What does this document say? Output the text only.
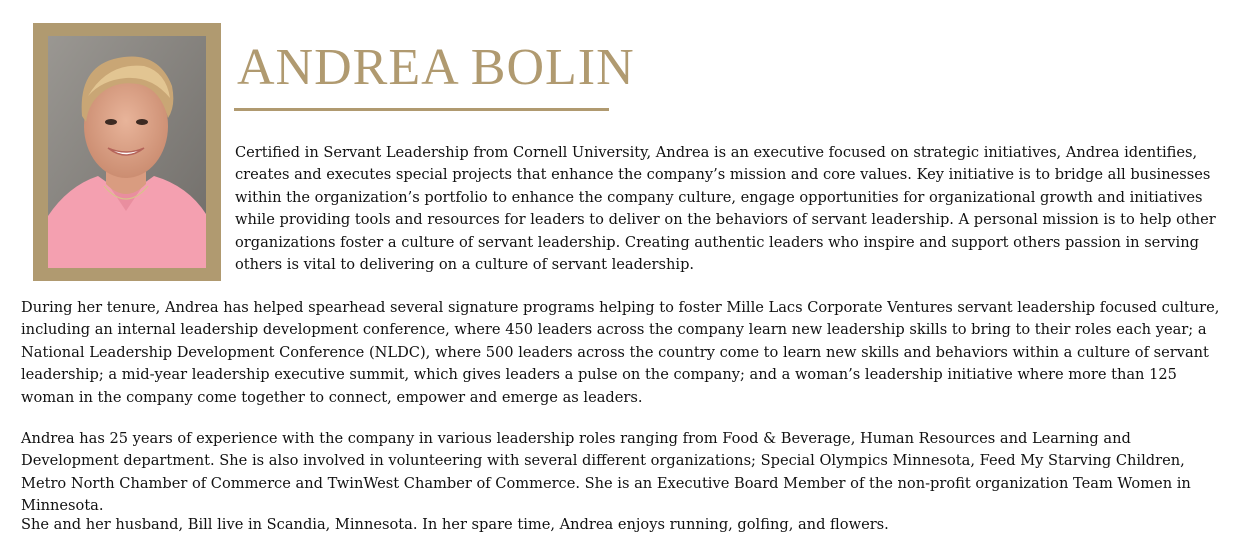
ANDREA BOLIN

Certified in Servant Leadership from Cornell University, Andrea is an executive focused on strategic initiatives, Andrea identifies, creates and executes special projects that enhance the company’s mission and core values. Key initiative is to bridge all businesses within the organization’s portfolio to enhance the company culture, engage opportunities for organizational growth and initiatives while providing tools and resources for leaders to deliver on the behaviors of servant leadership. A personal mission is to help other organizations foster a culture of servant leadership. Creating authentic leaders who inspire and support others passion in serving others is vital to delivering on a culture of servant leadership.

During her tenure, Andrea has helped spearhead several signature programs helping to foster Mille Lacs Corporate Ventures servant leadership focused culture, including an internal leadership development conference, where 450 leaders across the company learn new leadership skills to bring to their roles each year; a National Leadership Development Conference (NLDC), where 500 leaders across the country come to learn new skills and behaviors within a culture of servant leadership; a mid-year leadership executive summit, which gives leaders a pulse on the company; and a woman’s leadership initiative where more than 125 woman in the company come together to connect, empower and emerge as leaders.

Andrea has 25 years of experience with the company in various leadership roles ranging from Food & Beverage, Human Resources and Learning and Development department. She is also involved in volunteering with several different organizations; Special Olympics Minnesota, Feed My Starving Children, Metro North Chamber of Commerce and TwinWest Chamber of Commerce. She is an Executive Board Member of the non-profit organization Team Women in Minnesota.

She and her husband, Bill live in Scandia, Minnesota. In her spare time, Andrea enjoys running, golfing, and flowers.
